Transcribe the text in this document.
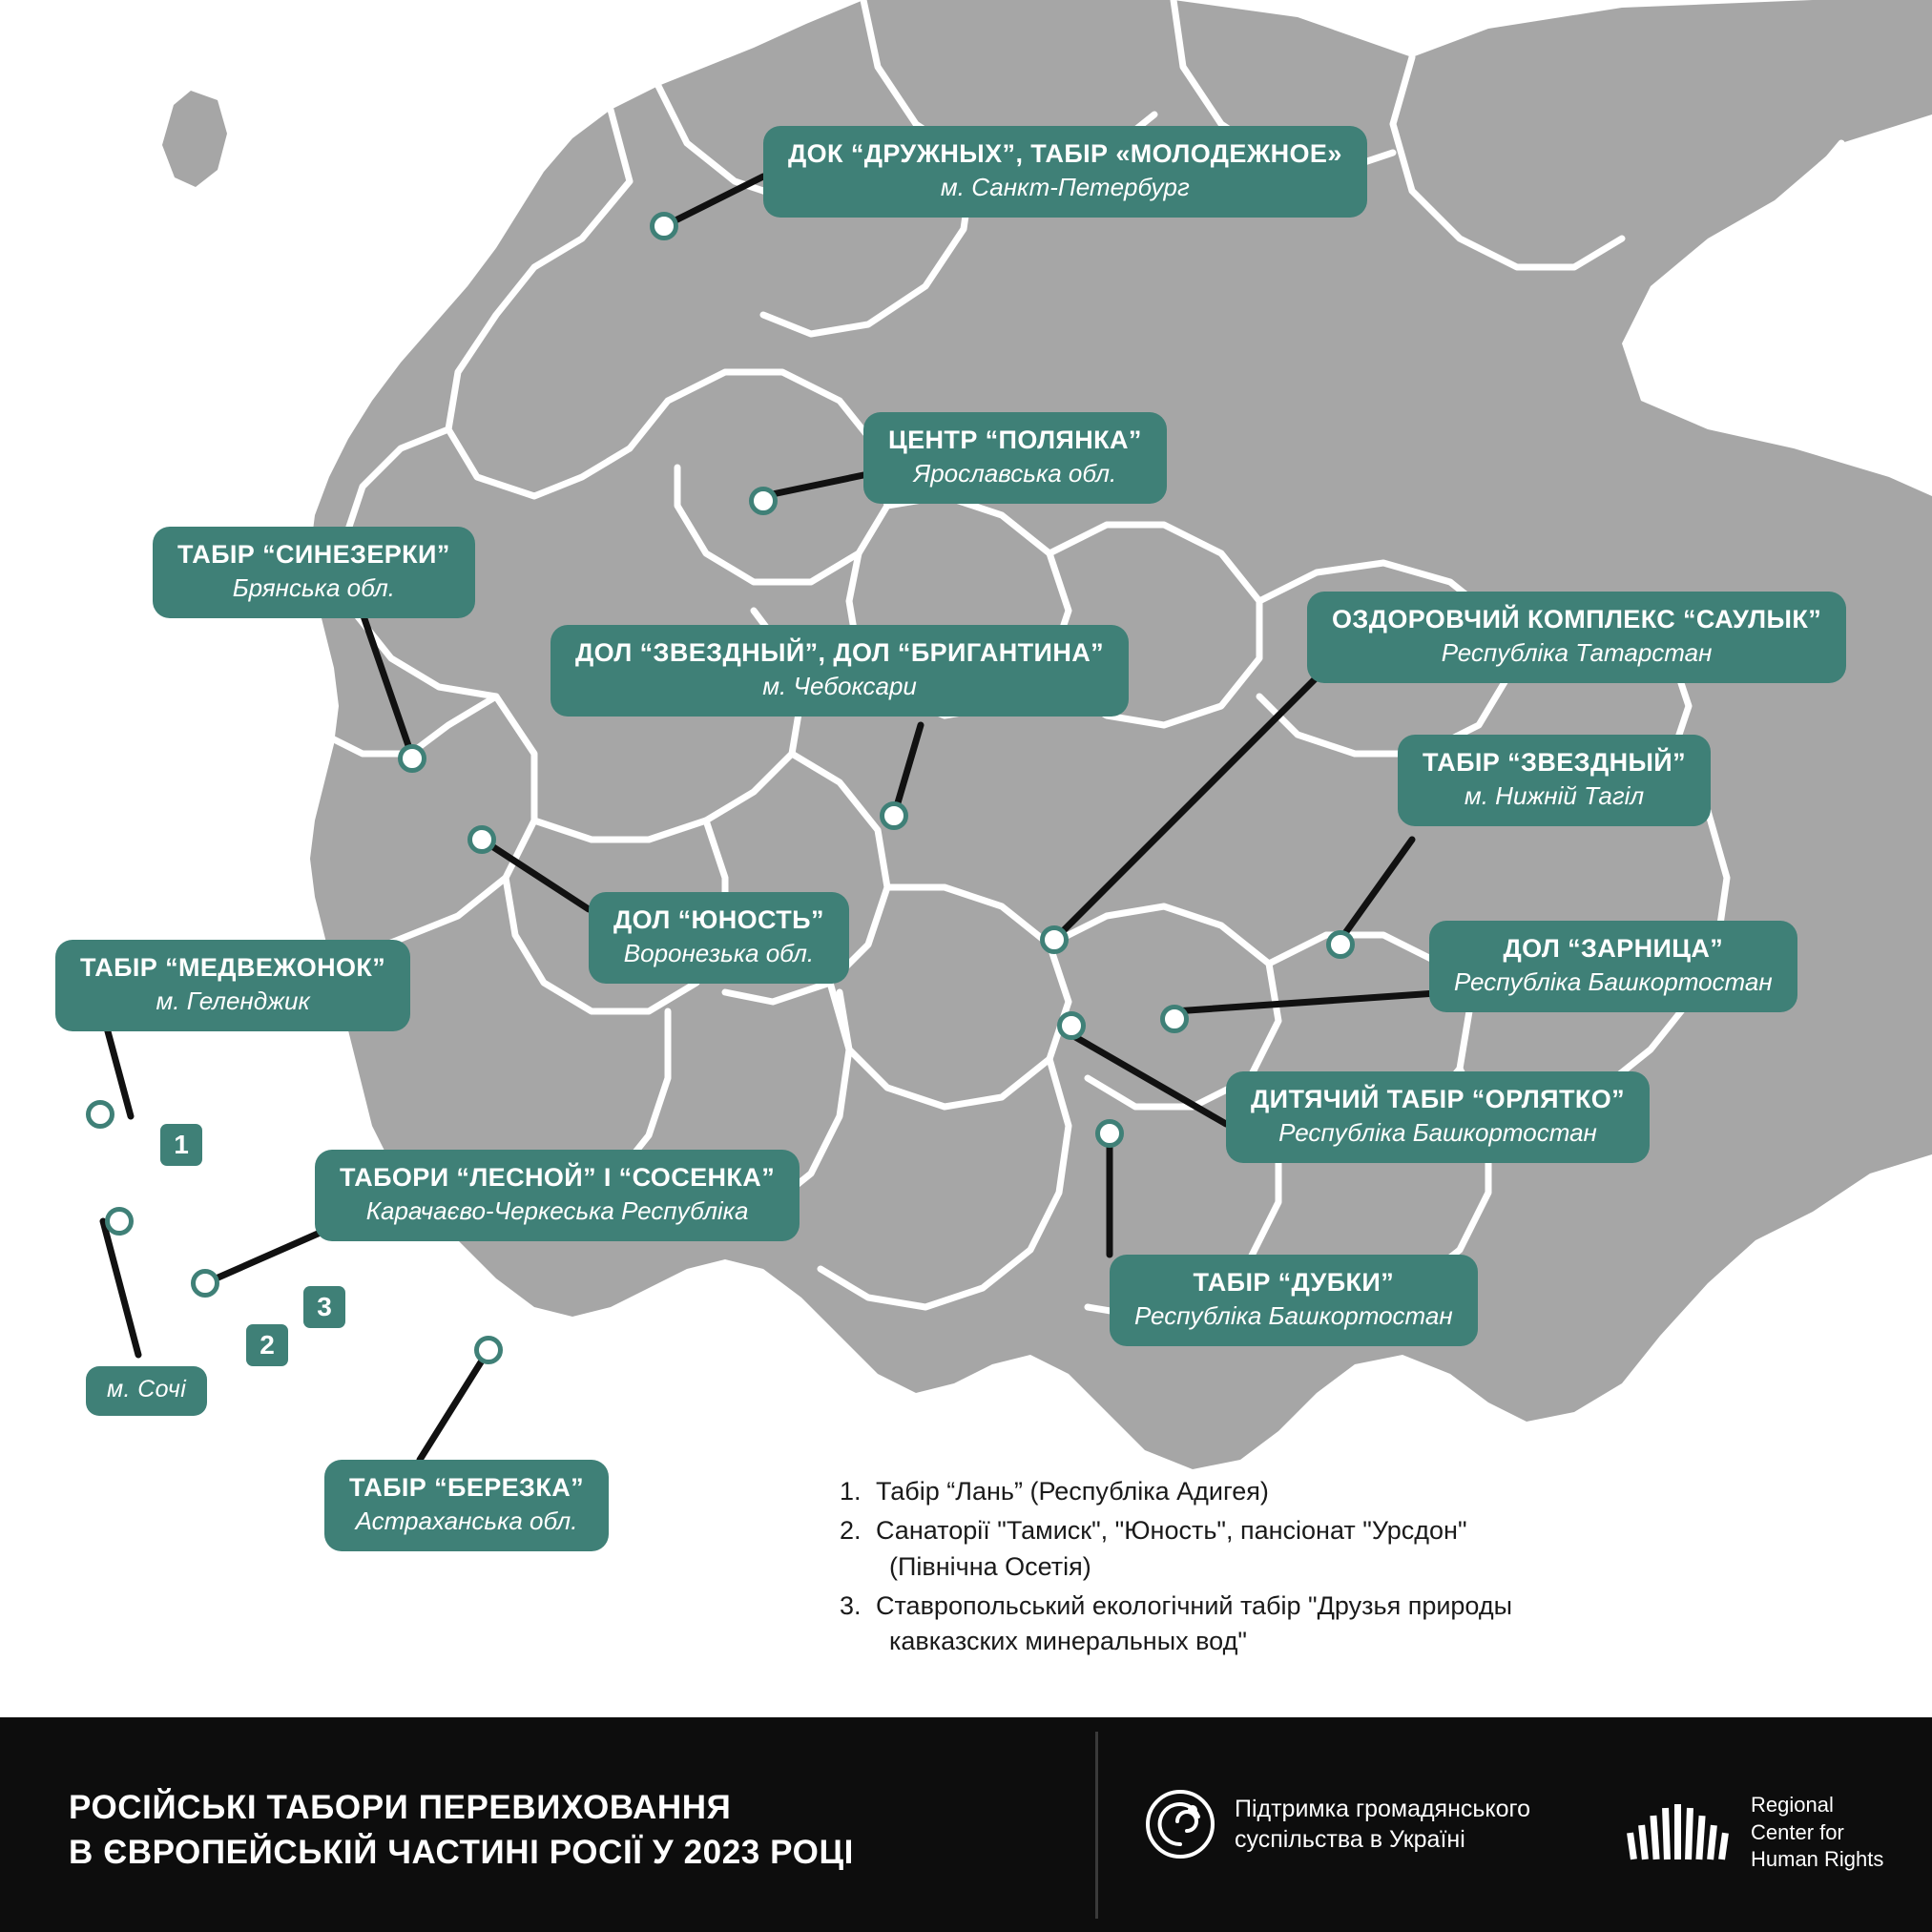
1
2
3
ДОК “ДРУЖНЫХ”, ТАБІР «МОЛОДЕЖНОЕ»
м. Санкт-Петербург
ЦЕНТР “ПОЛЯНКА”
Ярославська обл.
ТАБІР “СИНЕЗЕРКИ”
Брянська обл.
ДОЛ “ЗВЕЗДНЫЙ”, ДОЛ “БРИГАНТИНА”
м. Чебоксари
ОЗДОРОВЧИЙ КОМПЛЕКС “САУЛЫК”
Республіка Татарстан
ТАБІР “ЗВЕЗДНЫЙ”
м. Нижній Тагіл
ДОЛ “ЮНОСТЬ”
Воронезька обл.	ДОЛ “ЗАРНИЦА”
Республіка Башкортостан
ТАБІР “МЕДВЕЖОНОК”
м. Геленджик
ДИТЯЧИЙ ТАБІР “ОРЛЯТКО”
Республіка Башкортостан
ТАБОРИ “ЛЕСНОЙ” І “СОСЕНКА”
Карачаєво-Черкеська Республіка
ТАБІР “ДУБКИ”
Республіка Башкортостан
ТАБІР “БЕРЕЗКА”
Астраханська обл.
м. Сочі
1. Табір “Лань” (Республіка Адигея)
2. Санаторії "Тамиск", "Юность", пансіонат "Урсдон"
(Північна Осетія)
3. Ставропольський екологічний табір "Друзья природы
кавказских минеральных вод"
РОСІЙСЬКІ ТАБОРИ ПЕРЕВИХОВАННЯ
В ЄВРОПЕЙСЬКІЙ ЧАСТИНІ РОСІЇ У 2023 РОЦІ
Підтримка громадянського
суспільства в Україні
Regional
Center for
Human Rights
